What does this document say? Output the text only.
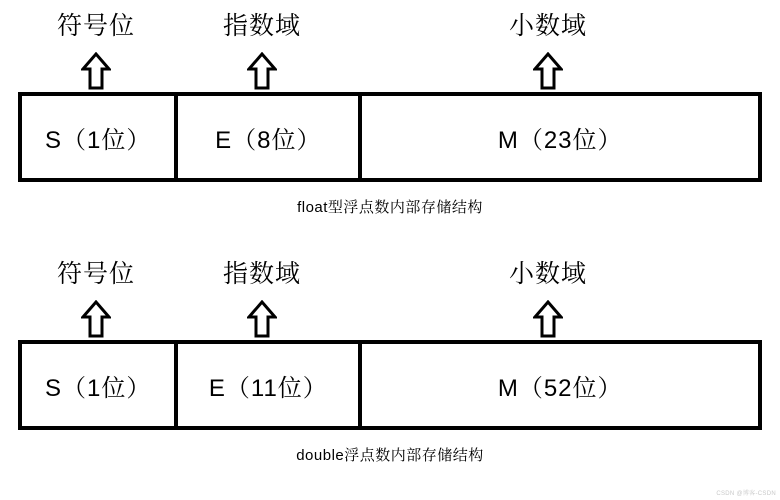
符号位	指数域	小数域
S（1位）	E（8位）	M（23位）
float型浮点数内部存储结构
符号位	指数域	小数域
S（1位）	E（11位）	M（52位）
double浮点数内部存储结构
CSDN @博客-CSDN
